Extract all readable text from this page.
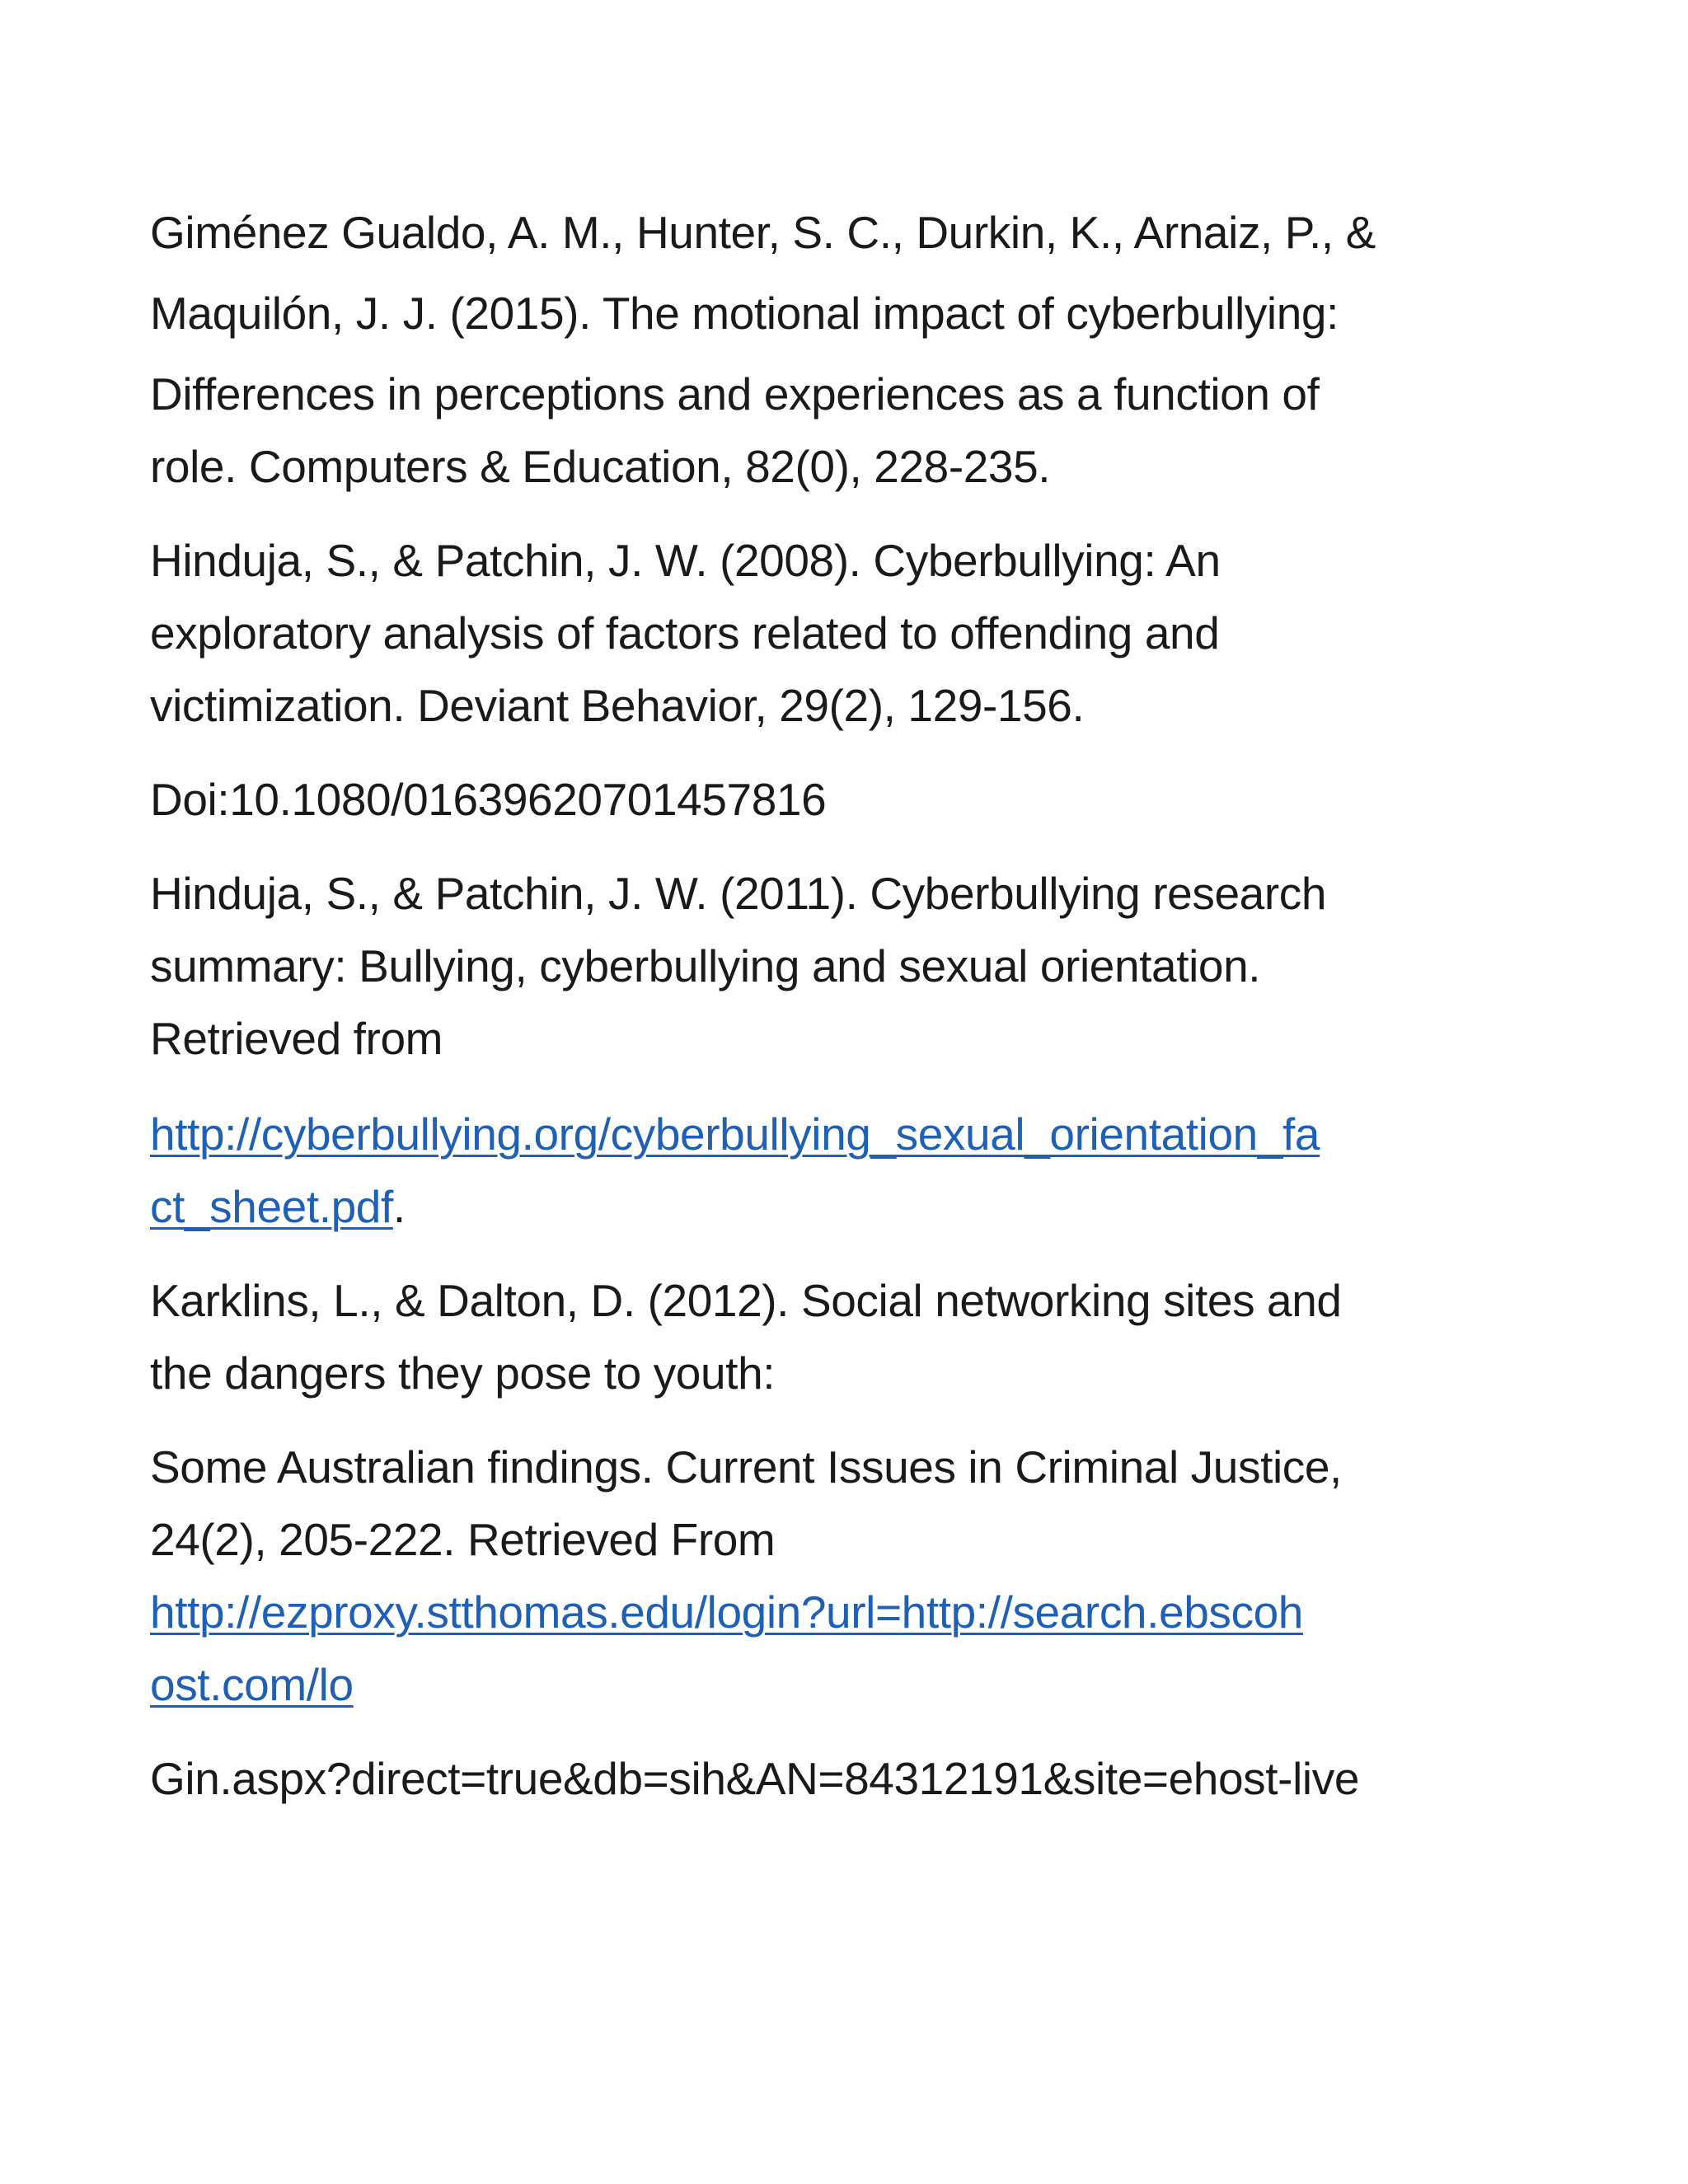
Giménez Gualdo, A. M., Hunter, S. C., Durkin, K., Arnaiz, P., &

Maquilón, J. J. (2015). The motional impact of cyberbullying:

Differences in perceptions and experiences as a function of

role. Computers & Education, 82(0), 228-235.

Hinduja, S., & Patchin, J. W. (2008). Cyberbullying: An

exploratory analysis of factors related to offending and

victimization. Deviant Behavior, 29(2), 129-156.

Doi:10.1080/01639620701457816

Hinduja, S., & Patchin, J. W. (2011). Cyberbullying research

summary: Bullying, cyberbullying and sexual orientation.

Retrieved from

http://cyberbullying.org/cyberbullying_sexual_orientation_fa

ct_sheet.pdf.

Karklins, L., & Dalton, D. (2012). Social networking sites and

the dangers they pose to youth:

Some Australian findings. Current Issues in Criminal Justice,

24(2), 205-222. Retrieved From

http://ezproxy.stthomas.edu/login?url=http://search.ebscoh

ost.com/lo

Gin.aspx?direct=true&db=sih&AN=84312191&site=ehost-live
